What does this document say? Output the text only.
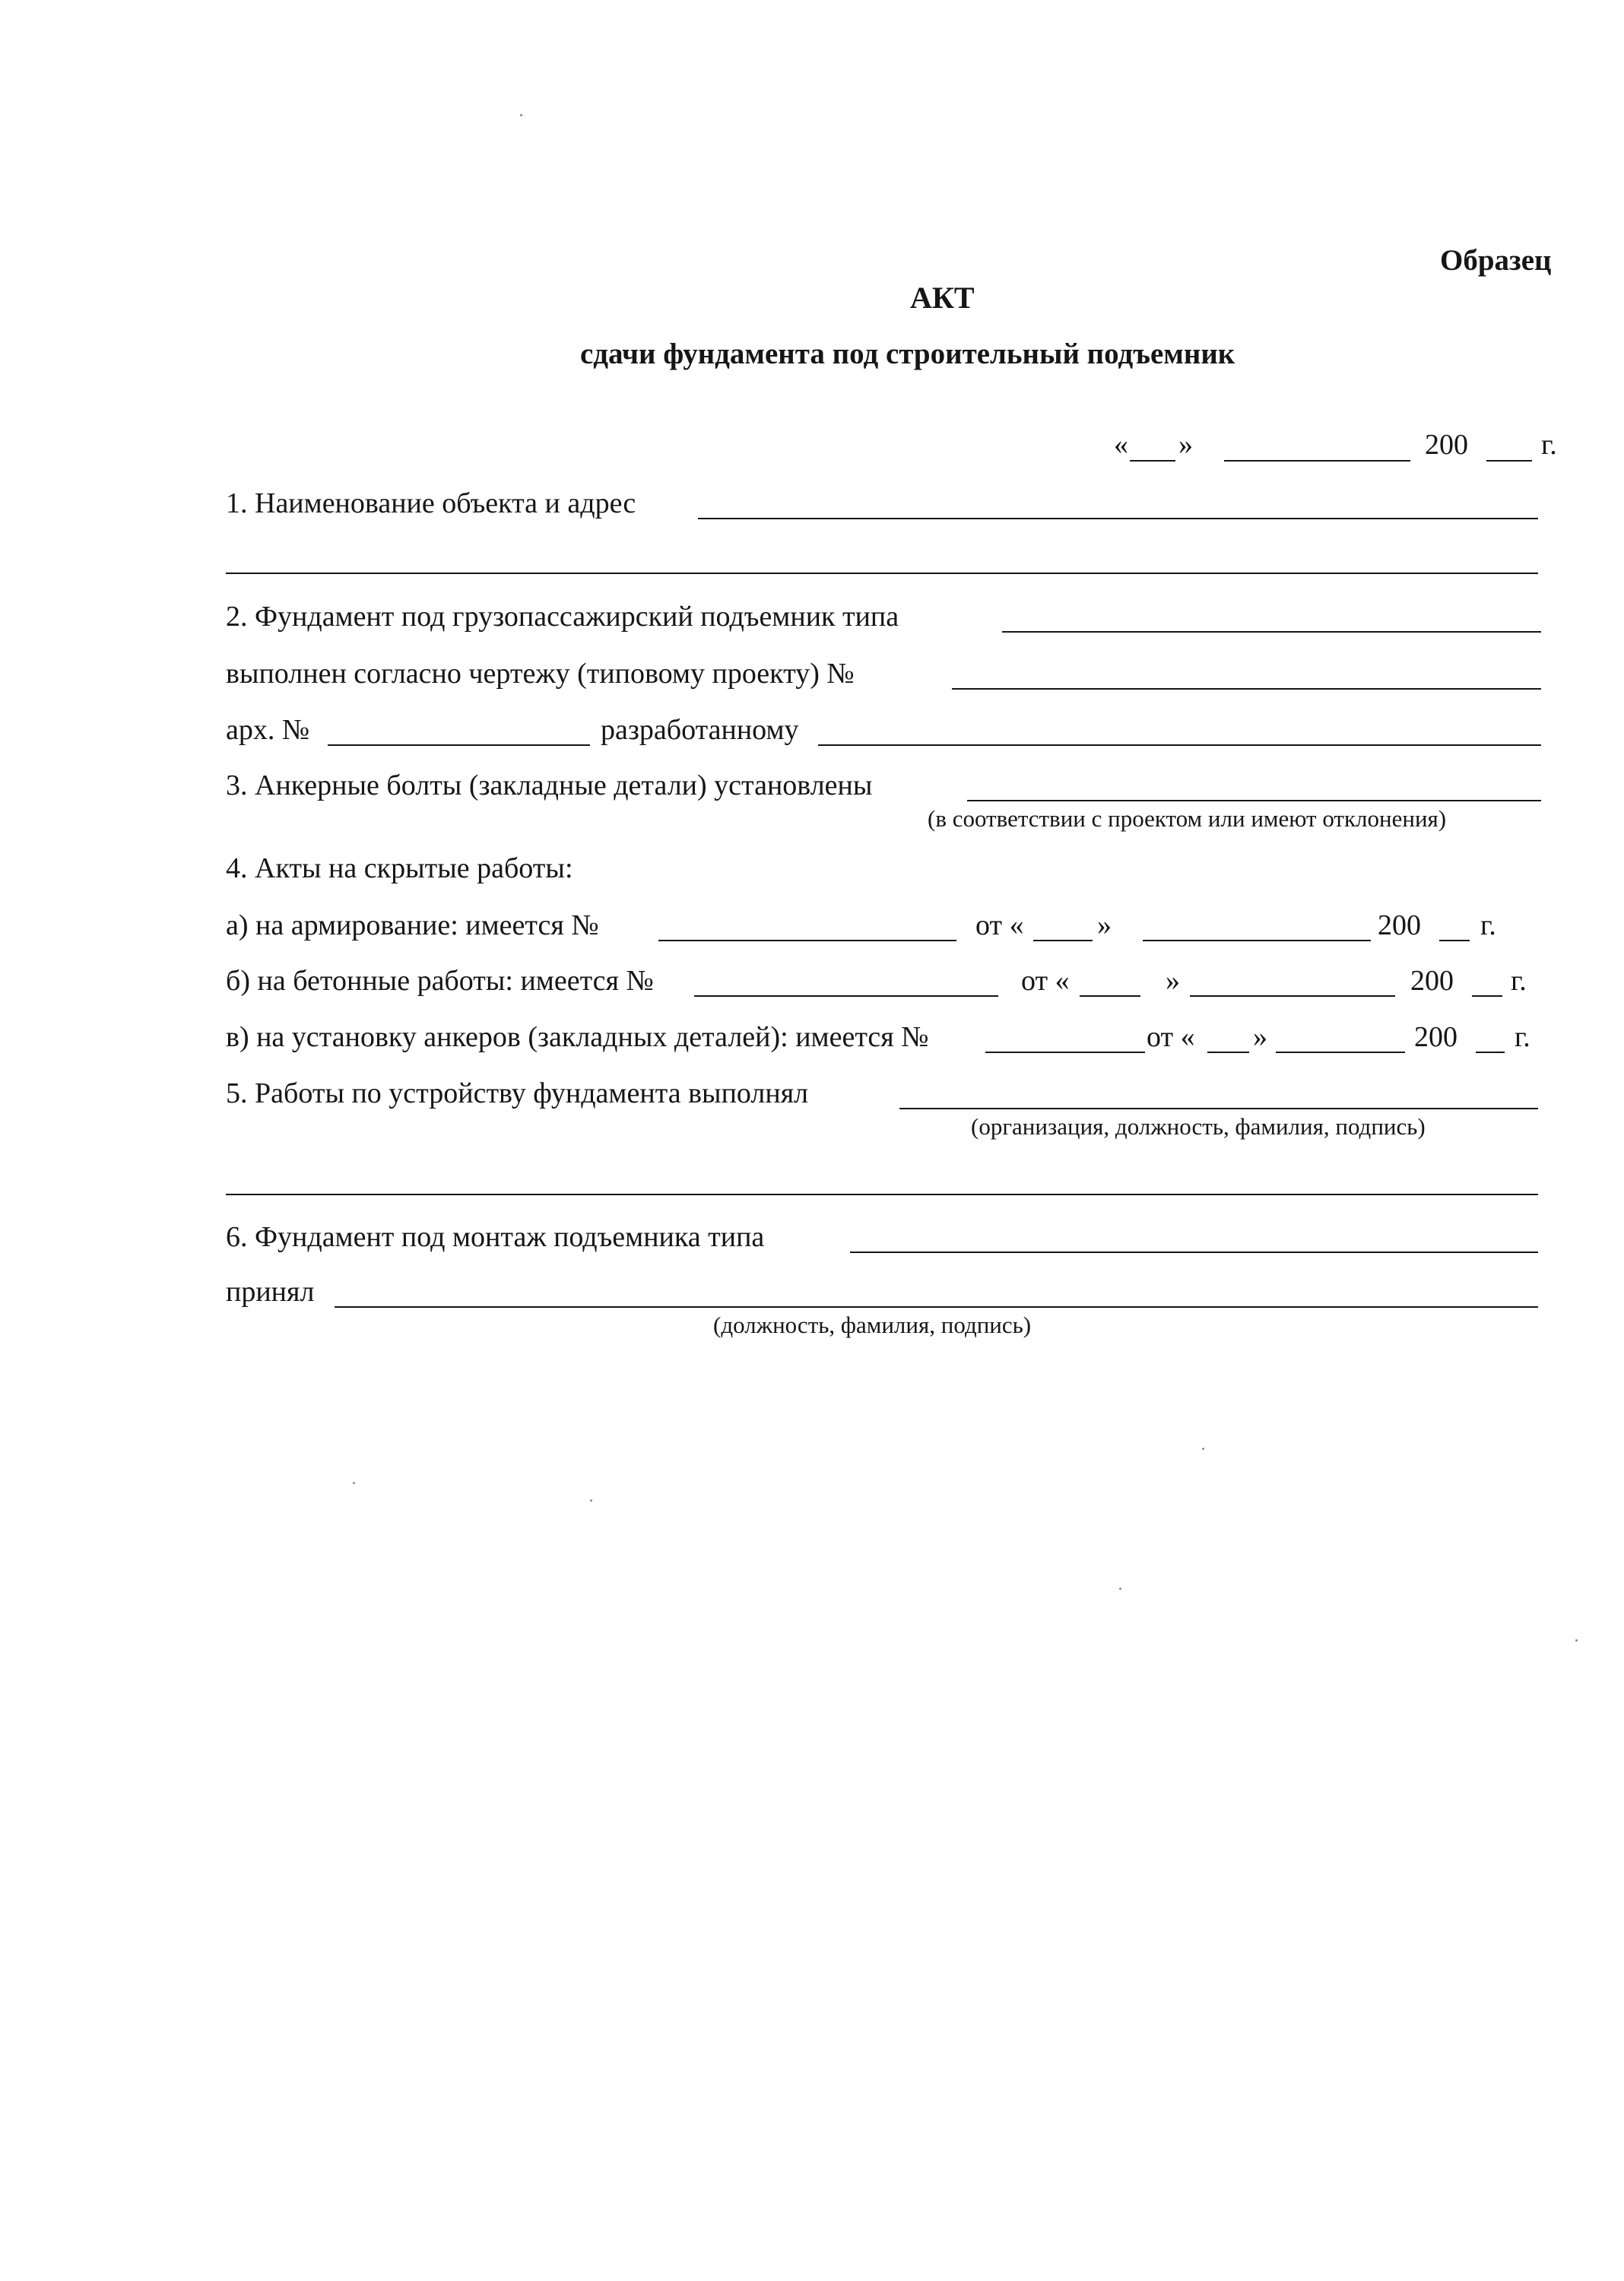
Образец
АКТ
сдачи фундамента под строительный подъемник
« »	200	г.
1. Наименование объекта и адрес
2. Фундамент под грузопассажирский подъемник типа
выполнен согласно чертежу (типовому проекту) №
арх. №	разработанному
3. Анкерные болты (закладные детали) установлены
(в соответствии с проектом или имеют отклонения)
4. Акты на скрытые работы:
а) на армирование: имеется №	от «	»	200 г.
б) на бетонные работы: имеется №	от «	»	200 г.
в) на установку анкеров (закладных деталей): имеется №	от « »	200 г.
5. Работы по устройству фундамента выполнял
(организация, должность, фамилия, подпись)
6. Фундамент под монтаж подъемника типа
принял
(должность, фамилия, подпись)
